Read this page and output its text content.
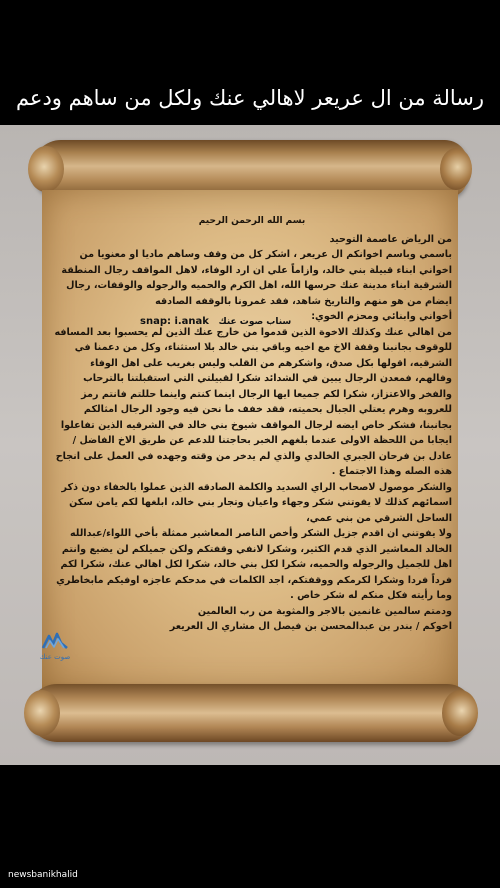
رسالة من ال عريعر لاهالي عنك ولكل من ساهم ودعم

بسم الله الرحمن الرحيم

من الرياض عاصمة التوحيد

باسمي وباسم اخوانكم ال عريعر ، اشكر كل من وقف وساهم ماديا او معنويا من اخواني ابناء قبيلة بني خالد، وازاماً علي ان ارد الوفاء، لاهل المواقف رجال المنطقة الشرقية ابناء مدينة عنك حرسها الله، اهل الكرم والحميه والرجوله والوقفات، رجال ايضام من هو منهم والتاريخ شاهد، فقد غمرونا بالوقفه الصادقه

أخواني وابنائي ومحزم الخوي:

من اهالي عنك وكذلك الاخوة الذين قدموا من خارج عنك الذين لم يحسبوا بعد المسافه للوقوف بجانبنا وقفة الاخ مع اخيه وباقي بني خالد بلا استثناء، وكل من دعمنا في الشرقيه، اقولها بكل صدق، واشكرهم من القلب وليس بغريب على اهل الوفاء وفالهم، فمعدن الرجال يبين في الشدائد شكرا لقبيلتي التي استقبلتنا بالترحاب والفخر والاعتزاز، شكرا لكم جميعا ايها الرجال اينما كنتم واينما حللتم فانتم رمز للعروبه وهرم يعتلي الجبال بحميته، فقد خفف ما نحن فيه وجود الرجال امثالكم بجانبنا، فشكر خاص ايضه لرجال المواقف شيوخ بني خالد في الشرقيه الذين تفاعلوا ايجابا من اللحظة الاولى عندما بلغهم الخبر بحاجتنا للدعم عن طريق الاخ الفاضل / عادل بن فرحان الجبري الخالدي والذي لم يدخر من وقته وجهده في العمل على انجاح هذه الصله وهذا الاجتماع .

والشكر موصول لاصحاب الراي السديد والكلمة الصادقه الذين عملوا بالخفاء دون ذكر اسمائهم كذلك لا يفوتني شكر وجهاء واعيان وتجار بني خالد، ابلغها لكم يامن سكن الساحل الشرقي من بني عمي،

ولا يفوتني ان اقدم جزيل الشكر وأخص الناصر المعاشير ممثلة بأخي اللواء/عبدالله الخالد المعاشير الذي قدم الكثير، وشكرا لانفي وقفتكم ولكن جميلكم لن يضيع وانتم اهل للجميل والرجوله والحميه، شكرا لكل بني خالد، شكرا لكل اهالي عنك، شكرا لكم فرداً فردا وشكرا لكرمكم ووقفتكم، اجد الكلمات في مدحكم عاجزه اوفيكم مابخاطري وما رأيته فكل منكم له شكر خاص .

ودمتم سالمين غانمين بالاجر والمثوبة من رب العالمين

اخوكم / بندر بن عبدالمحسن بن فيصل ال مشاري ال العريعر

snap: i.anak سناب صوت عنك
صوت عنك
newsbanikhalid
